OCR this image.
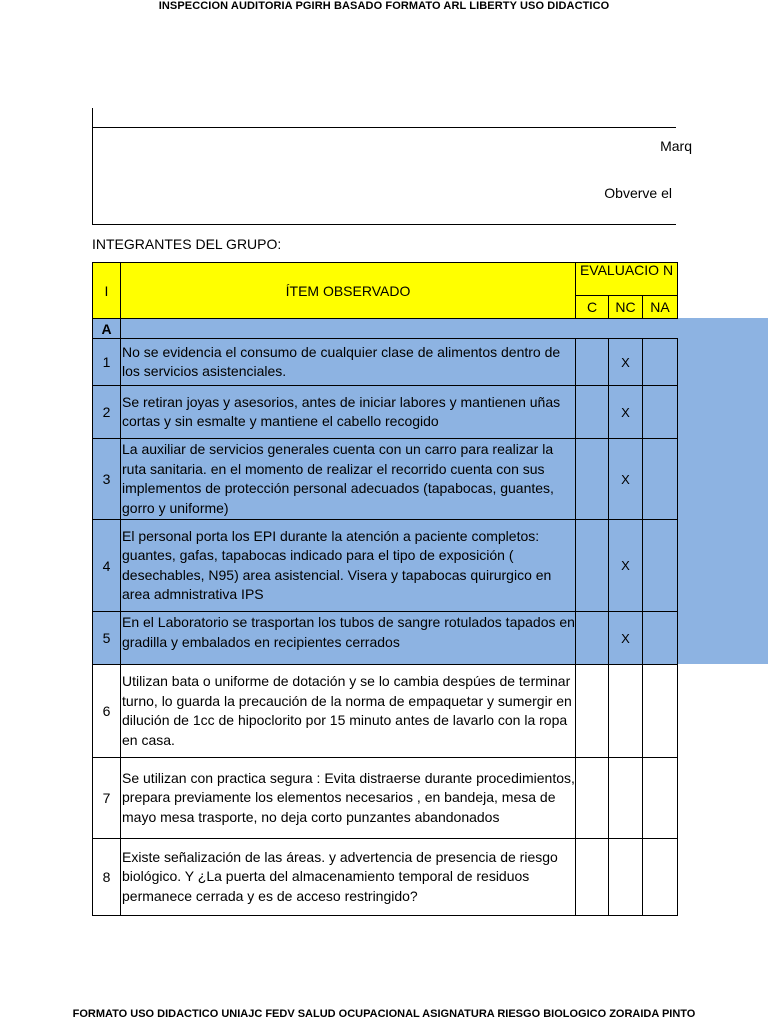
INSPECCION AUDITORIA PGIRH BASADO FORMATO ARL LIBERTY USO DIDACTICO
Marq
Obverve el
INTEGRANTES DEL GRUPO:
I	ÍTEM OBSERVADO	EVALUACIO N		
		C	NC	NA
A				
1	No se evidencia el consumo de cualquier clase de alimentos dentro de los servicios asistenciales.		X	
2	Se retiran joyas y asesorios, antes de iniciar labores y mantienen uñas cortas y sin esmalte y mantiene el cabello recogido		X	
3	La auxiliar de servicios generales cuenta con un carro para realizar la ruta sanitaria. en el momento de realizar el recorrido cuenta con sus implementos de protección personal adecuados (tapabocas, guantes, gorro y uniforme)		X	
4	El personal porta los EPI durante la atención a paciente completos: guantes, gafas, tapabocas indicado para el tipo de exposición ( desechables, N95) area asistencial. Visera y tapabocas quirurgico en area admnistrativa IPS		X	
5	En el Laboratorio se trasportan los tubos de sangre rotulados tapados en gradilla y embalados en recipientes cerrados		X	
6	Utilizan bata o uniforme de dotación y se lo cambia despúes de terminar turno, lo guarda la precaución de la norma de empaquetar y sumergir en dilución de 1cc de hipoclorito por 15 minuto antes de lavarlo con la ropa en casa.			
7	Se utilizan con practica segura : Evita distraerse durante procedimientos, prepara previamente los elementos necesarios , en bandeja, mesa de mayo mesa trasporte, no deja corto punzantes abandonados			
8	Existe señalización de las áreas. y advertencia de presencia de riesgo biológico. Y ¿La puerta del almacenamiento temporal de residuos permanece cerrada y es de acceso restringido?			
FORMATO USO DIDACTICO UNIAJC FEDV SALUD OCUPACIONAL ASIGNATURA RIESGO BIOLOGICO ZORAIDA PINTO
